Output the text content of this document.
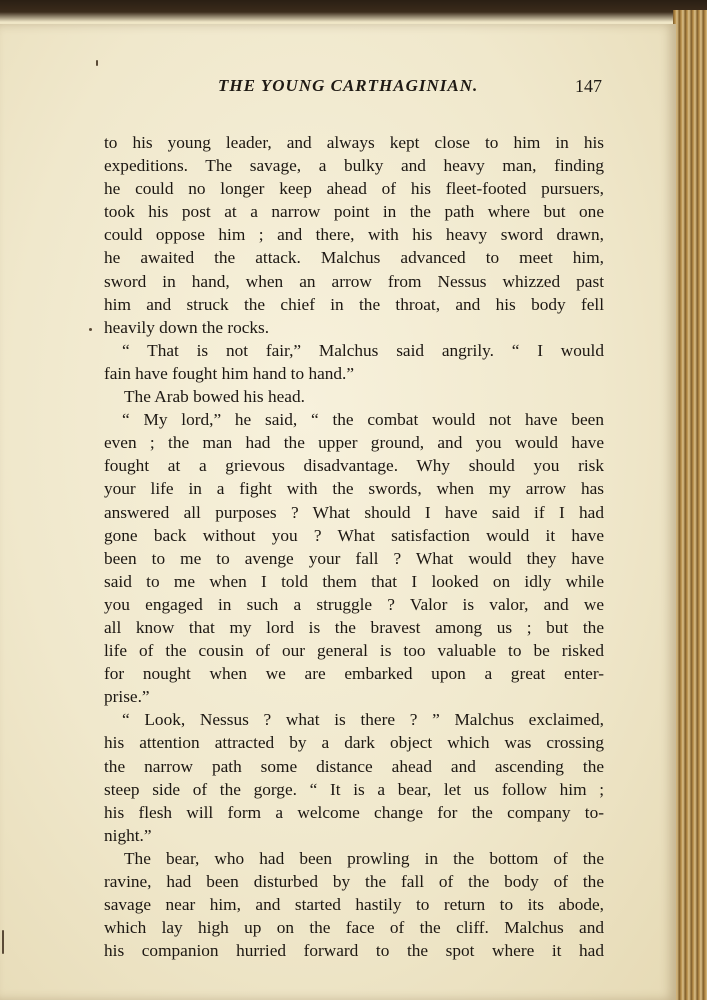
THE YOUNG CARTHAGINIAN.	147
to his young leader, and always kept close to him in his
expeditions. The savage, a bulky and heavy man, finding
he could no longer keep ahead of his fleet-footed pursuers,
took his post at a narrow point in the path where but one
could oppose him ; and there, with his heavy sword drawn,
he awaited the attack. Malchus advanced to meet him,
sword in hand, when an arrow from Nessus whizzed past
him and struck the chief in the throat, and his body fell
heavily down the rocks.
“ That is not fair,” Malchus said angrily. “ I would
fain have fought him hand to hand.”
The Arab bowed his head.
“ My lord,” he said, “ the combat would not have been
even ; the man had the upper ground, and you would have
fought at a grievous disadvantage. Why should you risk
your life in a fight with the swords, when my arrow has
answered all purposes ? What should I have said if I had
gone back without you ? What satisfaction would it have
been to me to avenge your fall ? What would they have
said to me when I told them that I looked on idly while
you engaged in such a struggle ? Valor is valor, and we
all know that my lord is the bravest among us ; but the
life of the cousin of our general is too valuable to be risked
for nought when we are embarked upon a great enter-
prise.”
“ Look, Nessus ? what is there ? ” Malchus exclaimed,
his attention attracted by a dark object which was crossing
the narrow path some distance ahead and ascending the
steep side of the gorge. “ It is a bear, let us follow him ;
his flesh will form a welcome change for the company to-
night.”
The bear, who had been prowling in the bottom of the
ravine, had been disturbed by the fall of the body of the
savage near him, and started hastily to return to its abode,
which lay high up on the face of the cliff. Malchus and
his companion hurried forward to the spot where it had
